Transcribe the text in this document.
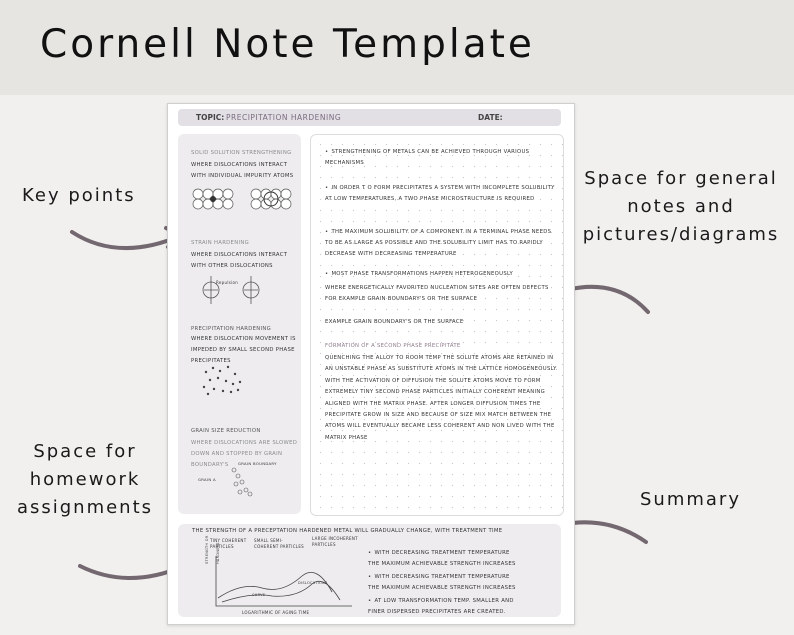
Cornell Note Template
Key points
Space for general
notes and
pictures/diagrams
Space for
homework
assignments	Summary
TOPIC: PRECIPITATION HARDENING	DATE:
SOLID SOLUTION STRENGTHENING
WHERE DISLOCATIONS INTERACT WITH INDIVIDUAL IMPURITY ATOMS
STRAIN HARDENING
WHERE DISLOCATIONS INTERACT WITH OTHER DISLOCATIONS
Repulsion
PRECIPITATION HARDENING
WHERE DISLOCATION MOVEMENT IS IMPEDED BY SMALL SECOND PHASE PRECIPITATES
GRAIN SIZE REDUCTION
WHERE DISLOCATIONS ARE SLOWED DOWN AND STOPPED BY GRAIN BOUNDARY'S	GRAIN BOUNDARY
GRAIN A
• STRENGTHENING OF METALS CAN BE ACHIEVED THROUGH VARIOUS MECHANISMS
• IN ORDER T O FORM PRECIPITATES A SYSTEM WITH INCOMPLETE SOLUBILITY AT LOW TEMPERATURES, A TWO PHASE MICROSTRUCTURE IS REQUIRED
• THE MAXIMUM SOLUBILITY OF A COMPONENT IN A TERMINAL PHASE NEEDS TO BE AS LARGE AS POSSIBLE AND THE SOLUBILITY LIMIT HAS TO RAPIDLY DECREASE WITH DECREASING TEMPERATURE
• MOST PHASE TRANSFORMATIONS HAPPEN HETEROGENEOUSLY
WHERE ENERGETICALLY FAVORITED NUCLEATION SITES ARE OFTEN DEFECTS FOR EXAMPLE GRAIN BOUNDARY'S OR THE SURFACE
EXAMPLE GRAIN BOUNDARY'S OR THE SURFACE
FORMATION OF A SECOND PHASE PRECIPITATE
QUENCHING THE ALLOY TO ROOM TEMP THE SOLUTE ATOMS ARE RETAINED IN AN UNSTABLE PHASE AS SUBSTITUTE ATOMS IN THE LATTICE HOMOGENEOUSLY. WITH THE ACTIVATION OF DIFFUSION THE SOLUTE ATOMS MOVE TO FORM EXTREMELY TINY SECOND PHASE PARTICLES INITIALLY COHERENT MEANING ALIGNED WITH THE MATRIX PHASE. AFTER LONGER DIFFUSION TIMES THE PRECIPITATE GROW IN SIZE AND BECAUSE OF SIZE MIX MATCH BETWEEN THE ATOMS WILL EVENTUALLY BECAME LESS COHERENT AND NON LIVED WITH THE MATRIX PHASE
THE STRENGTH OF A PRECEPTATION HARDENED METAL WILL GRADUALLY CHANGE, WITH TREATMENT TIME
TINY COHERENT PARTICLES
SMALL SEMI-COHERENT PARTICLES
LARGE INCOHERENT PARTICLES
STRENGTH OR HARDNESS
LOGARITHMIC OF AGING TIME
CURVE
DISLOCATIONS
• WITH DECREASING TREATMENT TEMPERATURE THE MAXIMUM ACHIEVABLE STRENGTH INCREASES
• WITH DECREASING TREATMENT TEMPERATURE THE MAXIMUM ACHIEVABLE STRENGTH INCREASES
• AT LOW TRANSFORMATION TEMP. SMALLER AND FINER DISPERSED PRECIPITATES ARE CREATED.
